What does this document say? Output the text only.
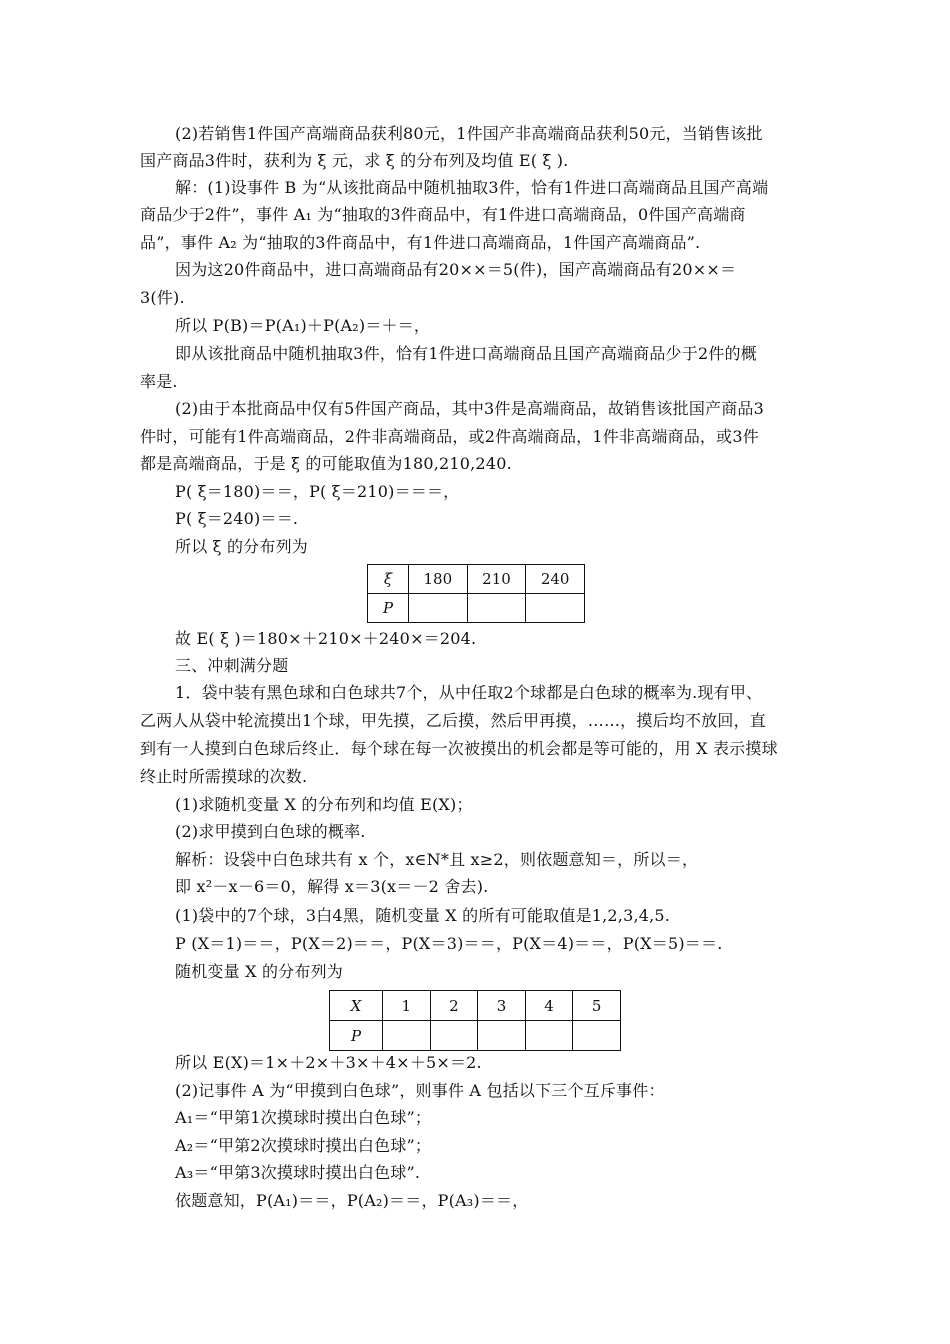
(2)若销售1件国产高端商品获利80元，1件国产非高端商品获利50元，当销售该批
国产商品3件时，获利为 ξ 元，求 ξ 的分布列及均值 E( ξ ).
解：(1)设事件 B 为“从该批商品中随机抽取3件，恰有1件进口高端商品且国产高端
商品少于2件”，事件 A₁ 为“抽取的3件商品中，有1件进口高端商品，0件国产高端商
品”，事件 A₂ 为“抽取的3件商品中，有1件进口高端商品，1件国产高端商品”.
因为这20件商品中，进口高端商品有20××＝5(件)，国产高端商品有20××＝
3(件).
所以 P(B)＝P(A₁)＋P(A₂)＝＋＝，
即从该批商品中随机抽取3件，恰有1件进口高端商品且国产高端商品少于2件的概
率是.
(2)由于本批商品中仅有5件国产商品，其中3件是高端商品，故销售该批国产商品3
件时，可能有1件高端商品，2件非高端商品，或2件高端商品，1件非高端商品，或3件
都是高端商品，于是 ξ 的可能取值为180,210,240.
P( ξ＝180)＝＝，P( ξ＝210)＝＝＝，
P( ξ＝240)＝＝.
所以 ξ 的分布列为
ξ	180	210	240
P			
故 E( ξ )＝180×＋210×＋240×＝204.
三、冲刺满分题
1．袋中装有黑色球和白色球共7个，从中任取2个球都是白色球的概率为.现有甲、
乙两人从袋中轮流摸出1个球，甲先摸，乙后摸，然后甲再摸，……，摸后均不放回，直
到有一人摸到白色球后终止．每个球在每一次被摸出的机会都是等可能的，用 X 表示摸球
终止时所需摸球的次数.
(1)求随机变量 X 的分布列和均值 E(X)；
(2)求甲摸到白色球的概率.
解析：设袋中白色球共有 x 个，x∈N*且 x≥2，则依题意知＝，所以＝，
即 x²－x－6＝0，解得 x＝3(x＝－2 舍去).
(1)袋中的7个球，3白4黑，随机变量 X 的所有可能取值是1,2,3,4,5.
P (X＝1)＝＝，P(X＝2)＝＝，P(X＝3)＝＝，P(X＝4)＝＝，P(X＝5)＝＝.
随机变量 X 的分布列为
X	1	2	3	4	5
P					
所以 E(X)＝1×＋2×＋3×＋4×＋5×＝2.
(2)记事件 A 为“甲摸到白色球”，则事件 A 包括以下三个互斥事件：
A₁＝“甲第1次摸球时摸出白色球”；
A₂＝“甲第2次摸球时摸出白色球”；
A₃＝“甲第3次摸球时摸出白色球”.
依题意知，P(A₁)＝＝，P(A₂)＝＝，P(A₃)＝＝，
